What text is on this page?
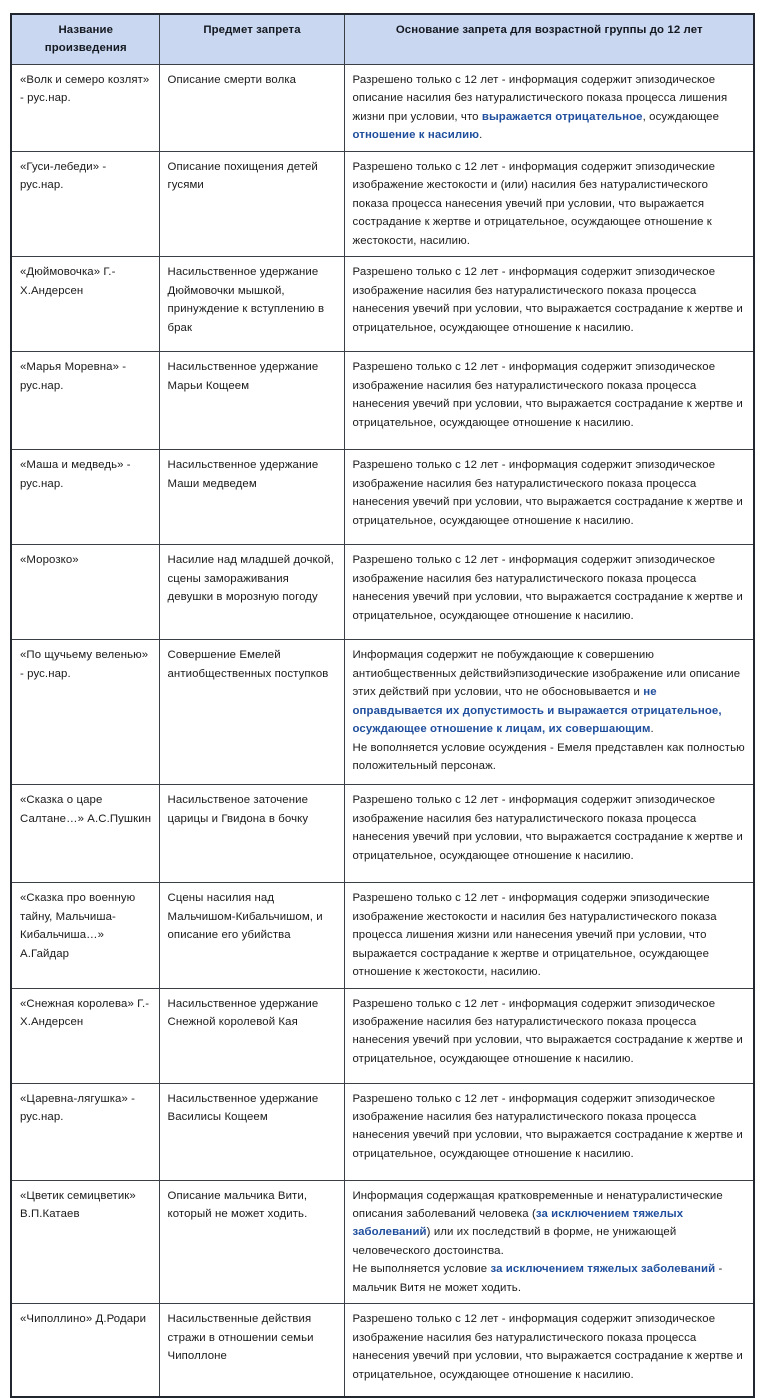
Название
произведения	Предмет запрета	Основание запрета для возрастной группы до 12 лет
«Волк и семеро козлят» - рус.нар.	Описание смерти волка	Разрешено только с 12 лет - информация содержит эпизодическое описание насилия без натуралистического показа процесса лишения жизни при условии, что выражается отрицательное, осуждающее отношение к насилию.

«Гуси-лебеди» - рус.нар.	Описание похищения детей гусями	Разрешено только с 12 лет - информация содержит эпизодические изображение жестокости и (или) насилия без натуралистического показа процесса нанесения увечий при условии, что выражается сострадание к жертве и отрицательное, осуждающее отношение к жестокости, насилию.
«Дюймовочка» Г.-Х.Андерсен	Насильственное удержание Дюймовочки мышкой, принуждение к вступлению в брак	Разрешено только с 12 лет - информация содержит эпизодическое изображение насилия без натуралистического показа процесса нанесения увечий при условии, что выражается сострадание к жертве и отрицательное, осуждающее отношение к насилию.
«Марья Моревна» - рус.нар.	Насильственное удержание Марьи Кощеем	Разрешено только с 12 лет - информация содержит эпизодическое изображение насилия без натуралистического показа процесса нанесения увечий при условии, что выражается сострадание к жертве и отрицательное, осуждающее отношение к насилию.
«Маша и медведь» - рус.нар.	Насильственное удержание Маши медведем	Разрешено только с 12 лет - информация содержит эпизодическое изображение насилия без натуралистического показа процесса нанесения увечий при условии, что выражается сострадание к жертве и отрицательное, осуждающее отношение к насилию.
«Морозко»	Насилие над младшей дочкой, сцены замораживания девушки в морозную погоду	Разрешено только с 12 лет - информация содержит эпизодическое изображение насилия без натуралистического показа процесса нанесения увечий при условии, что выражается сострадание к жертве и отрицательное, осуждающее отношение к насилию.
«По щучьему веленью» - рус.нар.	Совершение Емелей антиобщественных поступков	Информация содержит не побуждающие к совершению антиобщественных действийэпизодические изображение или описание этих действий при условии, что не обосновывается и не оправдывается их допустимость и выражается отрицательное, осуждающее отношение к лицам, их совершающим.

Не вополняется условие осуждения - Емеля представлен как полностью положительный персонаж.

«Сказка о царе Салтане…» А.С.Пушкин	Насильственое заточение царицы и Гвидона в бочку	Разрешено только с 12 лет - информация содержит эпизодическое изображение насилия без натуралистического показа процесса нанесения увечий при условии, что выражается сострадание к жертве и отрицательное, осуждающее отношение к насилию.
«Сказка про военную тайну, Мальчиша-Кибальчиша…» А.Гайдар	Сцены насилия над Мальчишом-Кибальчишом, и описание его убийства	Разрешено только с 12 лет - информация содержи эпизодические изображение жестокости и насилия без натуралистического показа процесса лишения жизни или нанесения увечий при условии, что выражается сострадание к жертве и отрицательное, осуждающее отношение к жестокости, насилию.
«Снежная королева» Г.-Х.Андерсен	Насильственное удержание Снежной королевой Кая	Разрешено только с 12 лет - информация содержит эпизодическое изображение насилия без натуралистического показа процесса нанесения увечий при условии, что выражается сострадание к жертве и отрицательное, осуждающее отношение к насилию.
«Царевна-лягушка» - рус.нар.	Насильственное удержание Василисы Кощеем	Разрешено только с 12 лет - информация содержит эпизодическое изображение насилия без натуралистического показа процесса нанесения увечий при условии, что выражается сострадание к жертве и отрицательное, осуждающее отношение к насилию.
«Цветик семицветик» В.П.Катаев	Описание мальчика Вити, который не может ходить.	Информация содержащая кратковременные и ненатуралистические описания заболеваний человека (за исключением тяжелых заболеваний) или их последствий в форме, не унижающей человеческого достоинства.

Не выполняется условие за исключением тяжелых заболеваний - мальчик Витя не может ходить.

«Чиполлино» Д.Родари	Насильственные действия стражи в отношении семьи Чиполлоне	Разрешено только с 12 лет - информация содержит эпизодическое изображение насилия без натуралистического показа процесса нанесения увечий при условии, что выражается сострадание к жертве и отрицательное, осуждающее отношение к насилию.
